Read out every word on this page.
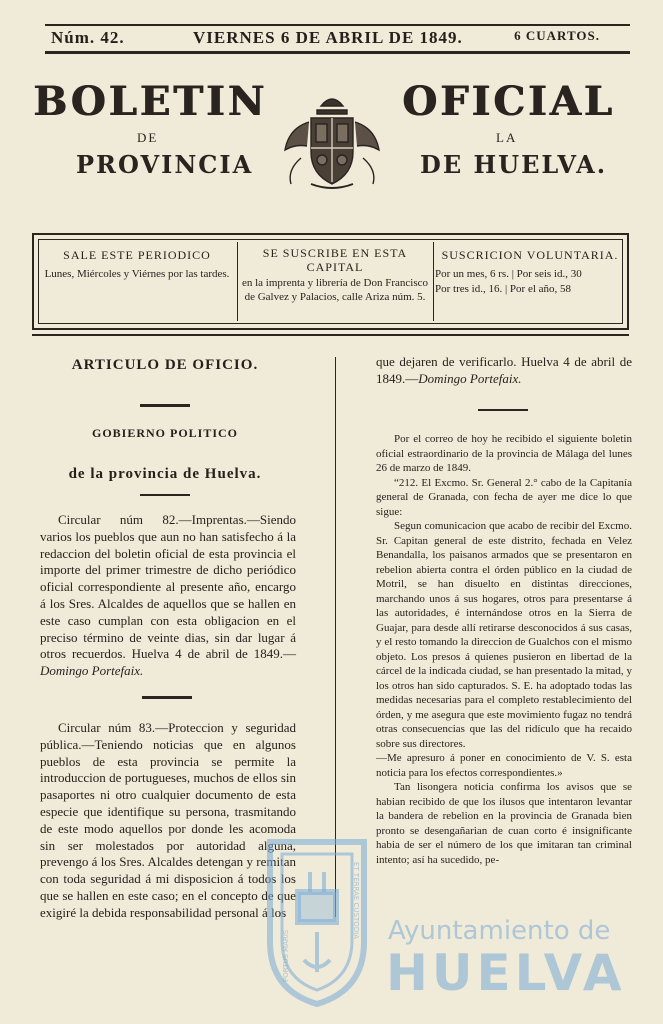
Núm. 42.	VIERNES 6 DE ABRIL DE 1849.	6 CUARTOS.
BOLETIN	OFICIAL
DE	LA
PROVINCIA	DE HUELVA.
SALE ESTE PERIODICO
Lunes, Miércoles y Viérnes por las tardes.
SE SUSCRIBE EN ESTA CAPITAL
en la imprenta y librería de Don Francisco de Galvez y Palacios, calle Ariza núm. 5.
SUSCRICION VOLUNTARIA.
Por un mes, 6 rs. | Por seis id., 30
Por tres id., 16. | Por el año, 58
ARTICULO DE OFICIO.
GOBIERNO POLITICO
de la provincia de Huelva.

Circular núm 82.—Imprentas.—Siendo varios los pueblos que aun no han satisfecho á la redaccion del boletin oficial de esta provincia el importe del primer trimestre de dicho periódico oficial correspondiente al presente año, encargo á los Sres. Alcaldes de aquellos que se hallen en este caso cumplan con esta obligacion en el preciso término de veinte dias, sin dar lugar á otros recuerdos. Huelva 4 de abril de 1849.—Domingo Portefaix.

Circular núm 83.—Proteccion y seguridad pública.—Teniendo noticias que en algunos pueblos de esta provincia se permite la introduccion de portugueses, muchos de ellos sin pasaportes ni otro cualquier documento de esta especie que identifique su persona, trasmitando de este modo aquellos por donde les acomoda sin ser molestados por autoridad alguna, prevengo á los Sres. Alcaldes detengan y remitan con toda seguridad á mi disposicion á todos los que se hallen en este caso; en el concepto de que exigiré la debida responsabilidad personal á los

que dejaren de verificarlo. Huelva 4 de abril de 1849.—Domingo Portefaix.

Por el correo de hoy he recibido el siguiente boletin oficial estraordinario de la provincia de Málaga del lunes 26 de marzo de 1849.

“212. El Excmo. Sr. General 2.° cabo de la Capitanía general de Granada, con fecha de ayer me dice lo que sigue:

Segun comunicacion que acabo de recibir del Excmo. Sr. Capitan general de este distrito, fechada en Velez Benandalla, los paisanos armados que se presentaron en rebelion abierta contra el órden público en la ciudad de Motril, se han disuelto en distintas direcciones, marchando unos á sus hogares, otros para presentarse á las autoridades, é internándose otros en la Sierra de Guajar, para desde allí retirarse desconocidos á sus casas, y el resto tomando la direccion de Gualchos con el mismo objeto. Los presos á quienes pusieron en libertad de la cárcel de la indicada ciudad, se han presentado la mitad, y los otros han sido capturados. S. E. ha adoptado todas las medidas necesarias para el completo restablecimiento del órden, y me asegura que este movimiento fugaz no tendrá otras consecuencias que las del ridículo que ha recaido sobre sus directores.

—Me apresuro á poner en conocimiento de V. S. esta noticia para los efectos correspondientes.»

Tan lisongera noticia confirma los avisos que se habian recibido de que los ilusos que intentaron levantar la bandera de rebelion en la provincia de Granada bien pronto se desengañarian de cuan corto é insignificante habia de ser el número de los que imitaran tan criminal intento; así ha sucedido, pe-

PORTUS MARIS
ET TERRAE CUSTODIA Ayuntamiento de
HUELVA
